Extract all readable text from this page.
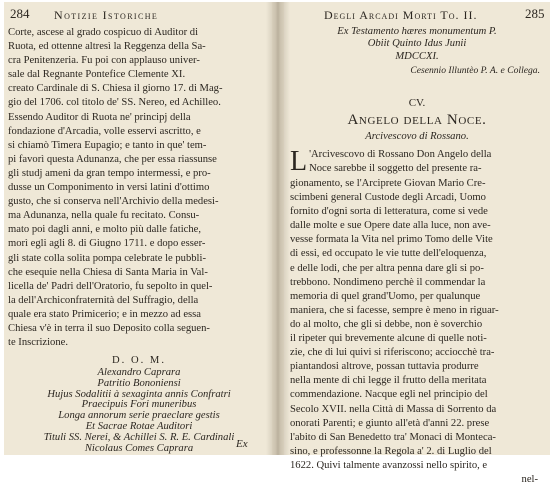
284 Notizie Istoriche
Corte, ascese al grado cospicuo di Auditor di
Ruota, ed ottenne altresì la Reggenza della Sa-
cra Penitenzeria. Fu poi con applauso univer-
sale dal Regnante Pontefice Clemente XI.
creato Cardinale di S. Chiesa il giorno 17. di Mag-
gio del 1706. col titolo de' SS. Nereo, ed Achilleo.
Essendo Auditor di Ruota ne' principj della
fondazione d'Arcadia, volle esservi ascritto, e
si chiamò Timera Eupagio; e tanto in que' tem-
pi favorì questa Adunanza, che per essa riassunse
gli studj ameni da gran tempo intermessi, e pro-
dusse un Componimento in versi latini d'ottimo
gusto, che si conserva nell'Archivio della medesi-
ma Adunanza, nella quale fu recitato. Consu-
mato poi dagli anni, e molto più dalle fatiche,
morì egli agli 8. di Giugno 1711. e dopo esser-
gli state colla solita pompa celebrate le pubbli-
che esequie nella Chiesa di Santa Maria in Val-
licella de' Padri dell'Oratorio, fu sepolto in quel-
la dell'Archiconfraternità del Suffragio, della
quale era stato Primicerio; e in mezzo ad essa
Chiesa v'è in terra il suo Deposito colla seguen-
te Inscrizione.
D. O. M.
Alexandro Caprara
Patritio Bononiensi
Hujus Sodalitii à sexaginta annis Confratri
Praecipuis Fori muneribus
Longa annorum serie praeclare gestis
Et Sacrae Rotae Auditori
Tituli SS. Nerei, & Achillei S. R. E. Cardinali
Nicolaus Comes Caprara	Ex
Degli Arcadi Morti To. II.	285
Ex Testamento hæres monumentum P.
Obiit Quinto Idus Junii
MDCCXI.
Cesennio Illuntèo P. A. e Collega.
CV.
Angelo della Noce.
Arcivescovo di Rossano.
L 'Arcivescovo di Rossano Don Angelo della
Noce sarebbe il soggetto del presente ra-
gionamento, se l'Arciprete Giovan Mario Cre-
scimbeni general Custode degli Arcadi, Uomo
fornito d'ogni sorta di letteratura, come si vede
dalle molte e sue Opere date alla luce, non ave-
vesse formata la Vita nel primo Tomo delle Vite
di essi, ed occupato le vie tutte dell'eloquenza,
e delle lodi, che per altra penna dare gli si po-
trebbono. Nondimeno perchè il commendar la
memoria di quel grand'Uomo, per qualunque
maniera, che si facesse, sempre è meno in riguar-
do al molto, che gli si debbe, non è soverchio
il ripeter qui brevemente alcune di quelle noti-
zie, che di lui quivi si riferiscono; acciocchè tra-
piantandosi altrove, possan tuttavia produrre
nella mente di chi legge il frutto della meritata
commendazione. Nacque egli nel principio del
Secolo XVII. nella Città di Massa di Sorrento da
onorati Parenti; e giunto all'età d'anni 22. prese
l'abito di San Benedetto tra' Monaci di Monteca-
sino, e professonne la Regola a' 2. di Luglio del
1622. Quivi talmente avanzossi nello spirito, e
nel-
